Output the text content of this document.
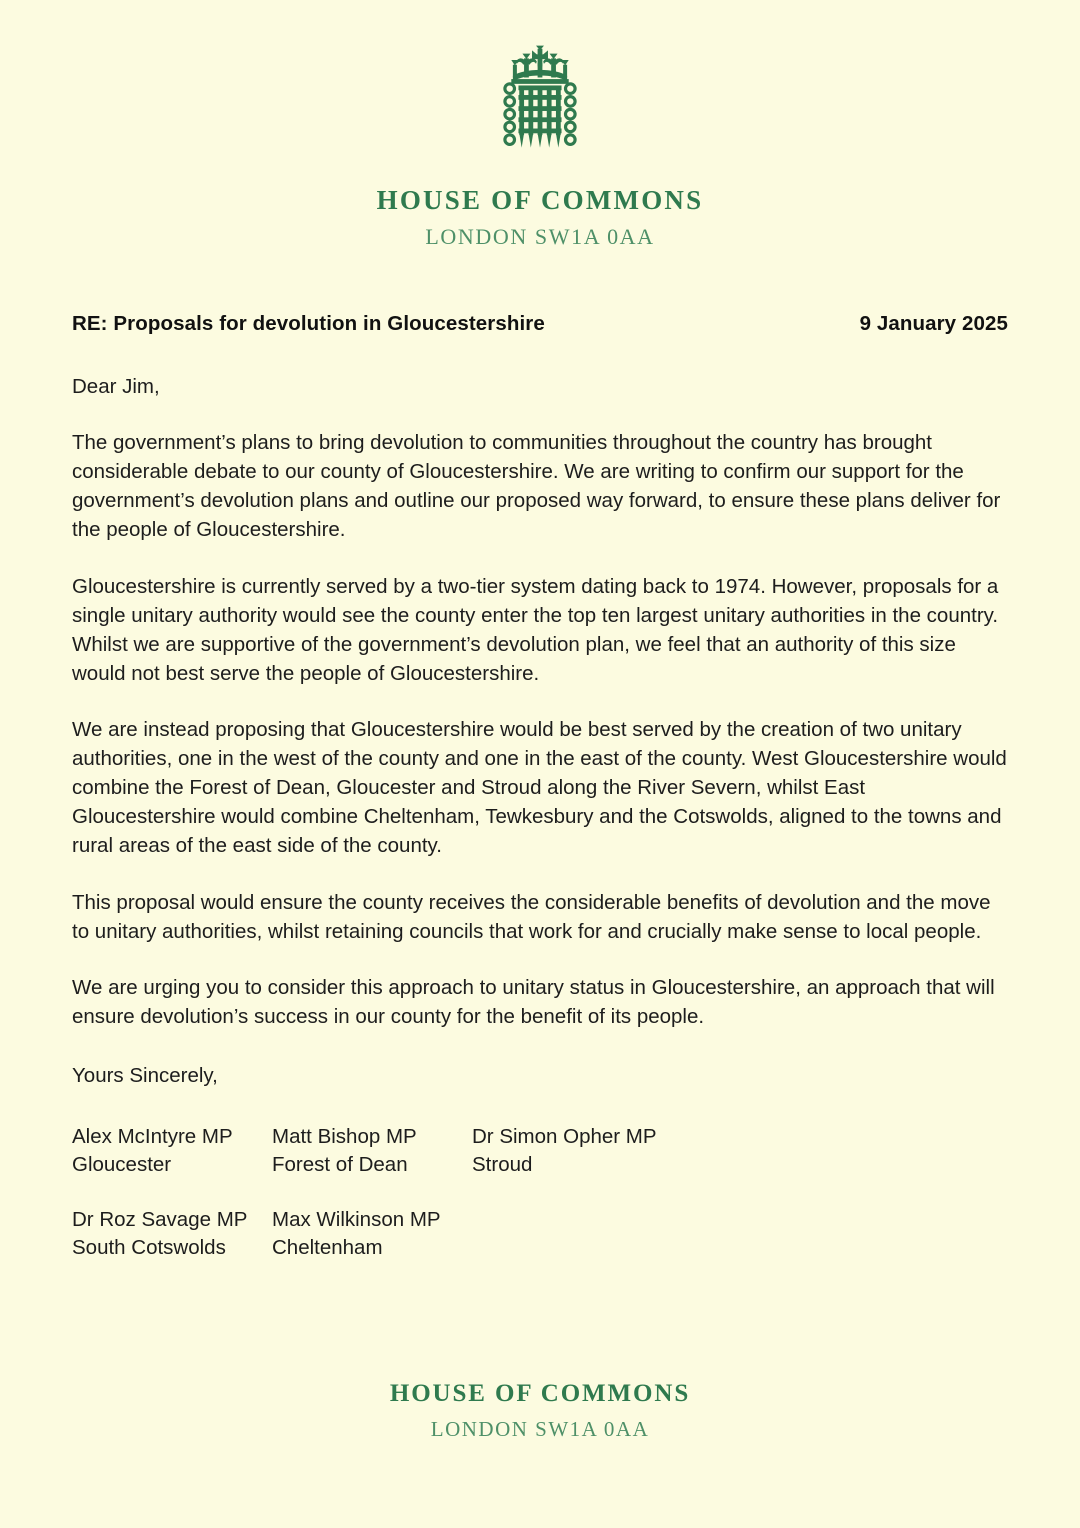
HOUSE OF COMMONS
LONDON SW1A 0AA
RE: Proposals for devolution in Gloucestershire	9 January 2025
Dear Jim,

The government’s plans to bring devolution to communities throughout the country has brought considerable debate to our county of Gloucestershire. We are writing to confirm our support for the government’s devolution plans and outline our proposed way forward, to ensure these plans deliver for the people of Gloucestershire.

Gloucestershire is currently served by a two-tier system dating back to 1974. However, proposals for a single unitary authority would see the county enter the top ten largest unitary authorities in the country. Whilst we are supportive of the government’s devolution plan, we feel that an authority of this size would not best serve the people of Gloucestershire.

We are instead proposing that Gloucestershire would be best served by the creation of two unitary authorities, one in the west of the county and one in the east of the county. West Gloucestershire would combine the Forest of Dean, Gloucester and Stroud along the River Severn, whilst East Gloucestershire would combine Cheltenham, Tewkesbury and the Cotswolds, aligned to the towns and rural areas of the east side of the county.

This proposal would ensure the county receives the considerable benefits of devolution and the move to unitary authorities, whilst retaining councils that work for and crucially make sense to local people.

We are urging you to consider this approach to unitary status in Gloucestershire, an approach that will ensure devolution’s success in our county for the benefit of its people.

Yours Sincerely,
Alex McIntyre MP
Gloucester
Matt Bishop MP
Forest of Dean
Dr Simon Opher MP
Stroud
Dr Roz Savage MP
South Cotswolds
Max Wilkinson MP
Cheltenham
HOUSE OF COMMONS
LONDON SW1A 0AA
